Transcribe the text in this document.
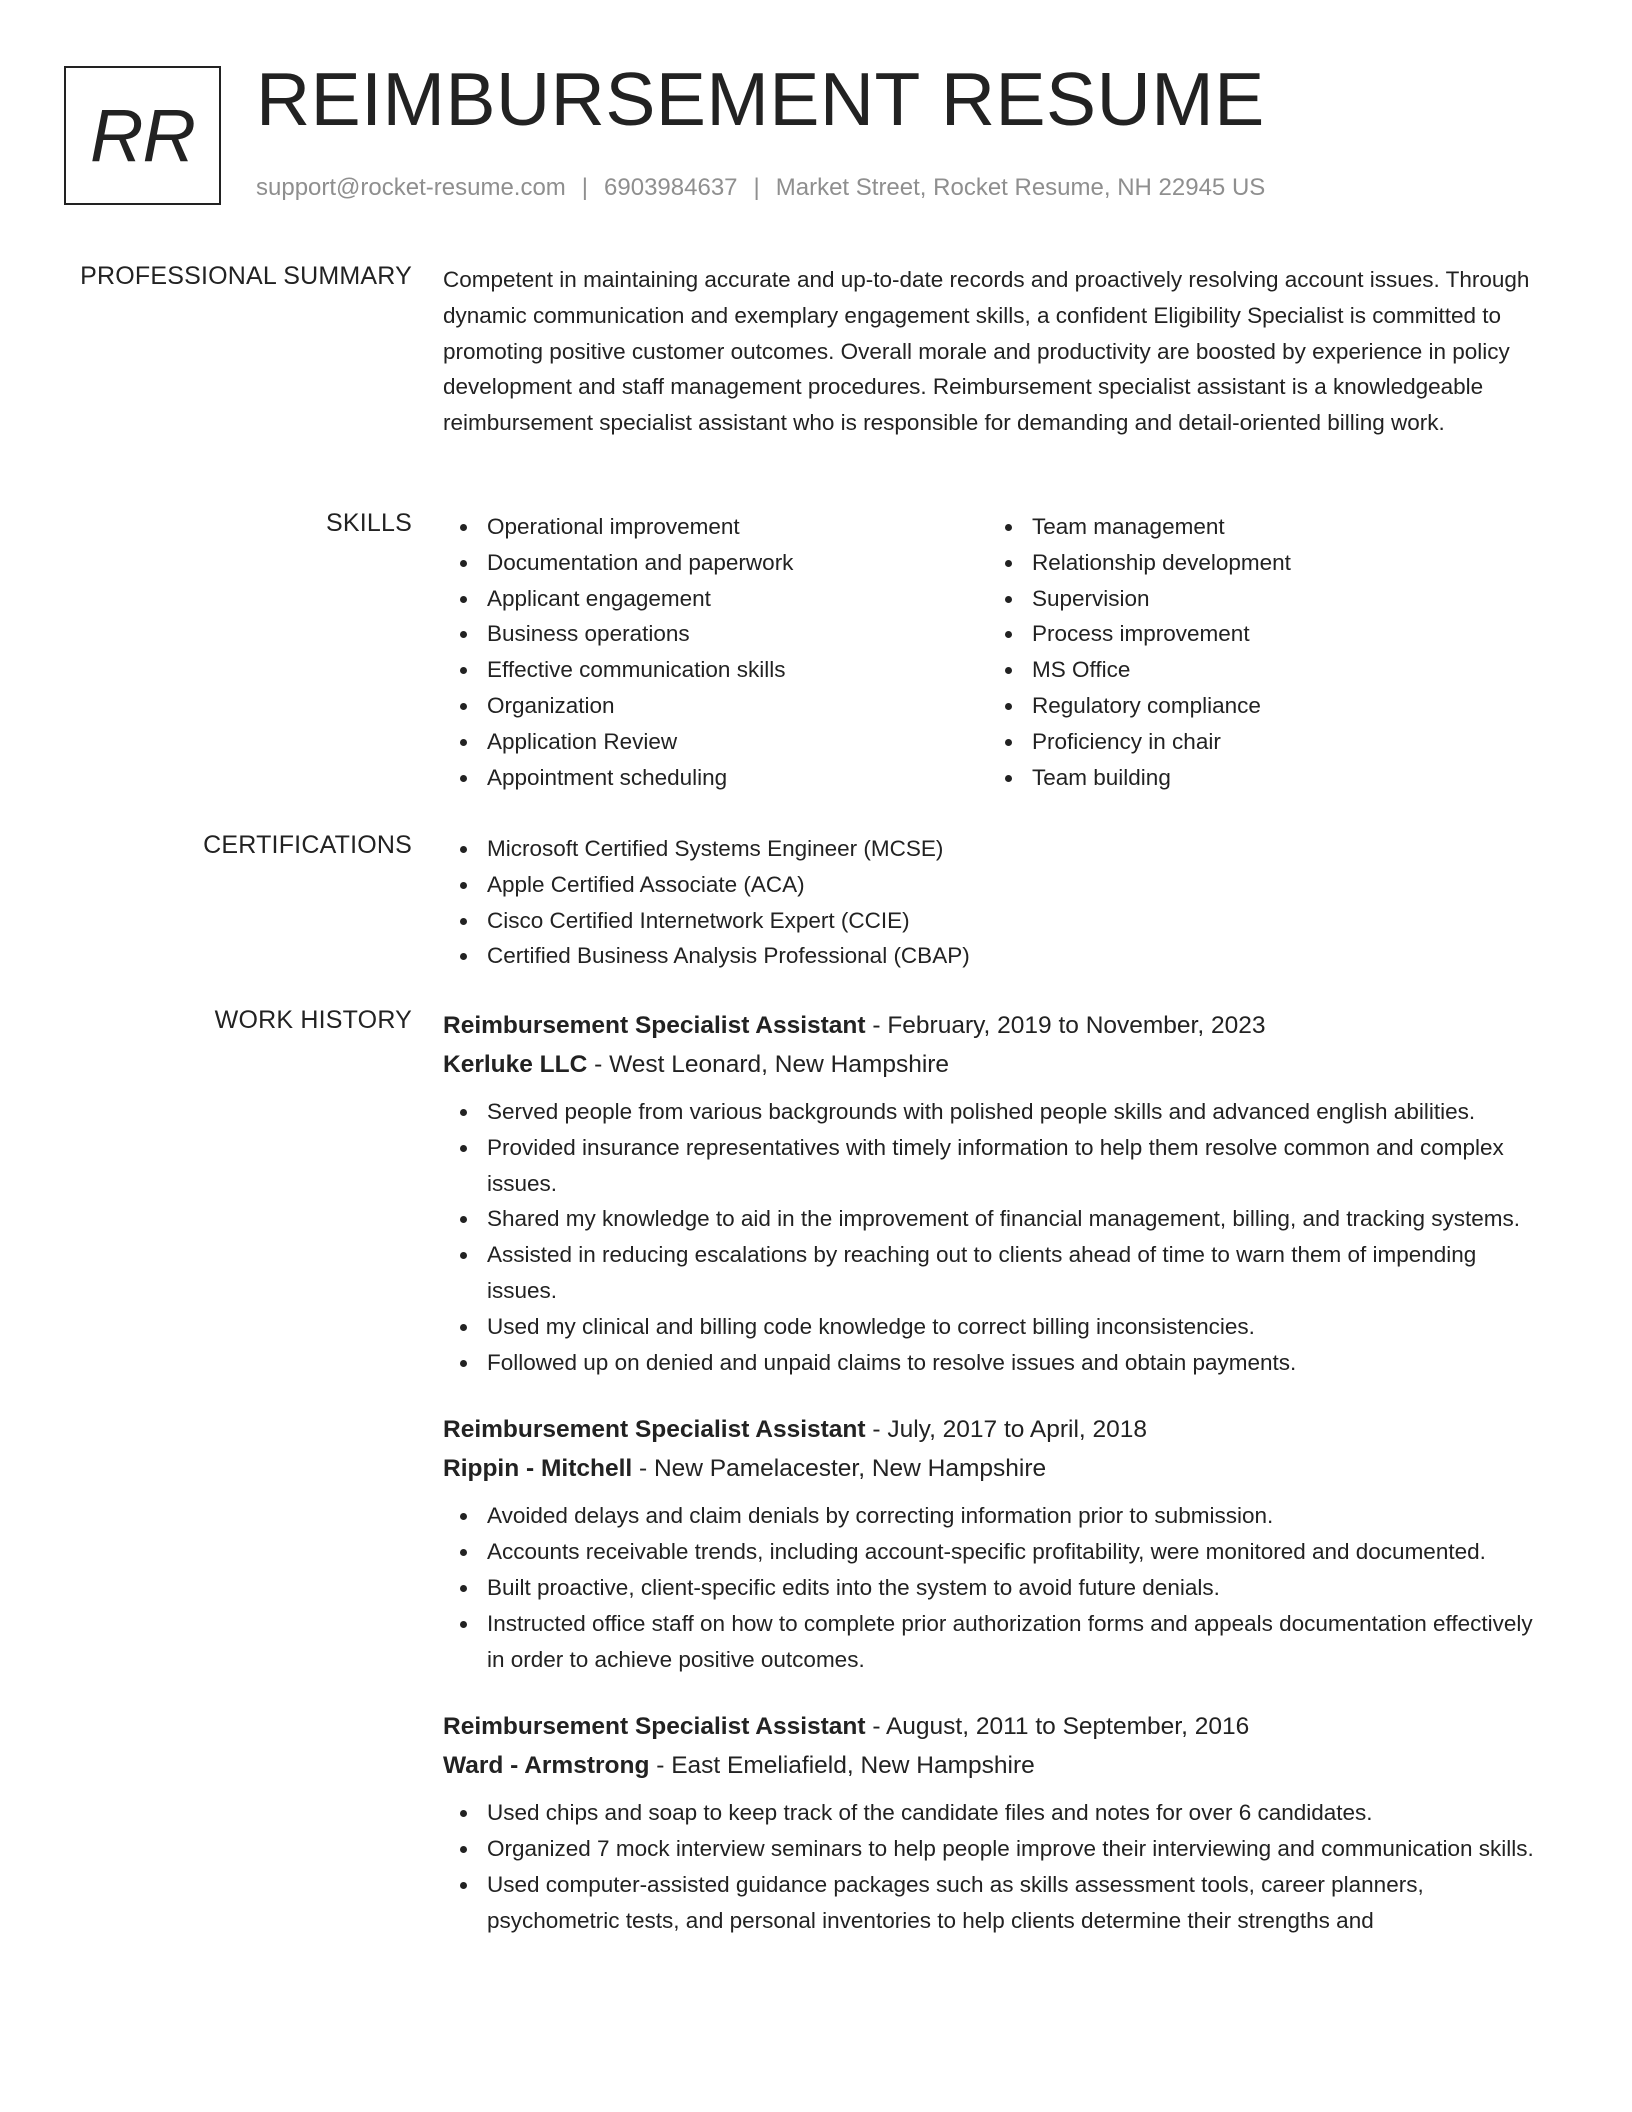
RR REIMBURSEMENT RESUME
support@rocket-resume.com | 6903984637 | Market Street, Rocket Resume, NH 22945 US
PROFESSIONAL SUMMARY Competent in maintaining accurate and up-to-date records and proactively resolving account issues. Through dynamic communication and exemplary engagement skills, a confident Eligibility Specialist is committed to promoting positive customer outcomes. Overall morale and productivity are boosted by experience in policy development and staff management procedures. Reimbursement specialist assistant is a knowledgeable reimbursement specialist assistant who is responsible for demanding and detail-oriented billing work.

SKILLS	Operational improvement
Documentation and paperwork
Applicant engagement
Business operations
Effective communication skills
Organization
Application Review
Appointment scheduling
Team management
Relationship development
Supervision
Process improvement
MS Office
Regulatory compliance
Proficiency in chair
Team building
CERTIFICATIONS	Microsoft Certified Systems Engineer (MCSE)
Apple Certified Associate (ACA)
Cisco Certified Internetwork Expert (CCIE)
Certified Business Analysis Professional (CBAP)
WORK HISTORY Reimbursement Specialist Assistant - February, 2019 to November, 2023
Kerluke LLC - West Leonard, New Hampshire
Served people from various backgrounds with polished people skills and advanced english abilities.
Provided insurance representatives with timely information to help them resolve common and complex issues.
Shared my knowledge to aid in the improvement of financial management, billing, and tracking systems.
Assisted in reducing escalations by reaching out to clients ahead of time to warn them of impending issues.
Used my clinical and billing code knowledge to correct billing inconsistencies.
Followed up on denied and unpaid claims to resolve issues and obtain payments.
Reimbursement Specialist Assistant - July, 2017 to April, 2018
Rippin - Mitchell - New Pamelacester, New Hampshire
Avoided delays and claim denials by correcting information prior to submission.
Accounts receivable trends, including account-specific profitability, were monitored and documented.
Built proactive, client-specific edits into the system to avoid future denials.
Instructed office staff on how to complete prior authorization forms and appeals documentation effectively in order to achieve positive outcomes.
Reimbursement Specialist Assistant - August, 2011 to September, 2016
Ward - Armstrong - East Emeliafield, New Hampshire
Used chips and soap to keep track of the candidate files and notes for over 6 candidates.
Organized 7 mock interview seminars to help people improve their interviewing and communication skills.
Used computer-assisted guidance packages such as skills assessment tools, career planners, psychometric tests, and personal inventories to help clients determine their strengths and
